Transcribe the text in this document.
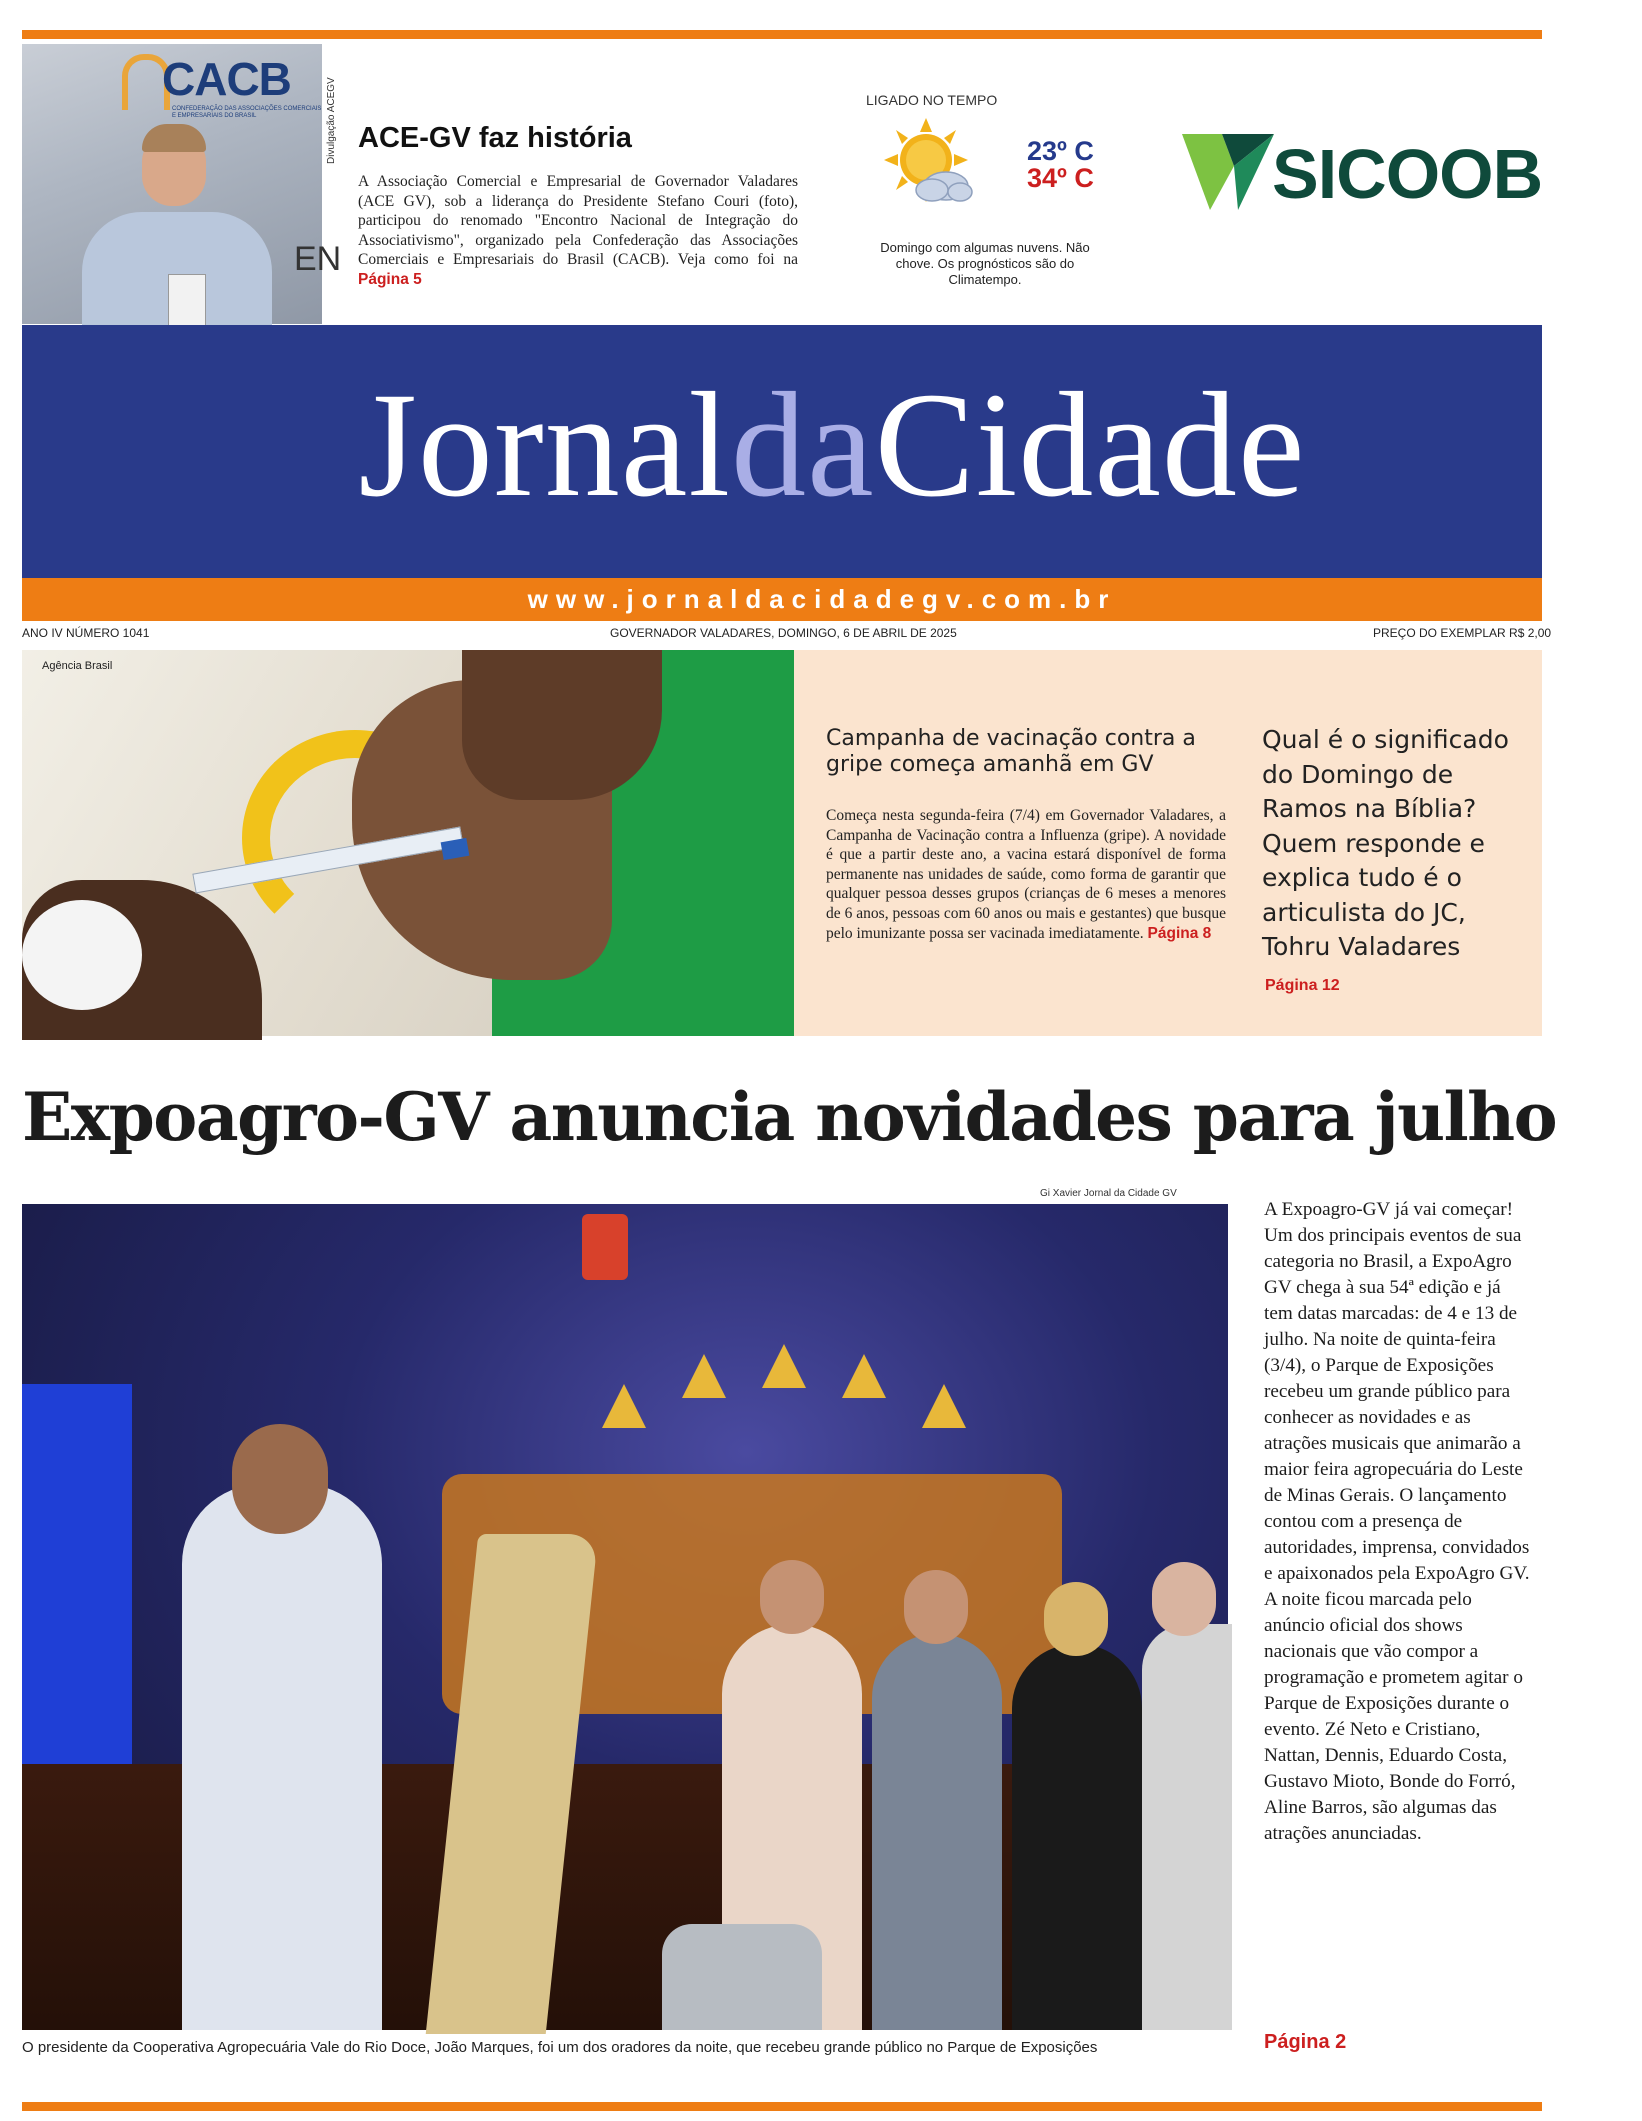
CACB
CONFEDERAÇÃO DAS ASSOCIAÇÕES COMERCIAIS E EMPRESARIAIS DO BRASIL
EN
Divulgação ACEGV ACE-GV faz história
A Associação Comercial e Empresarial de Governador Valadares (ACE GV), sob a liderança do Presidente Stefano Couri (foto), participou do renomado "Encontro Nacional de Integração do Associativismo", organizado pela Confederação das Associações Comerciais e Empresariais do Brasil (CACB). Veja como foi na Página 5
LIGADO NO TEMPO
23º C
34º C
Domingo com algumas nuvens. Não chove. Os prognósticos são do Climatempo.
SICOOB
JornaldaCidade
www.jornaldacidadegv.com.br
ANO IV NÚMERO 1041	GOVERNADOR VALADARES, DOMINGO, 6 DE ABRIL DE 2025	PREÇO DO EXEMPLAR R$ 2,00
Agência Brasil
Campanha de vacinação contra a gripe começa amanhã em GV
Começa nesta segunda-feira (7/4) em Governador Valadares, a Campanha de Vacinação contra a Influenza (gripe). A novidade é que a partir deste ano, a vacina estará disponível de forma permanente nas unidades de saúde, como forma de garantir que qualquer pessoa desses grupos (crianças de 6 meses a menores de 6 anos, pessoas com 60 anos ou mais e gestantes) que busque pelo imunizante possa ser vacinada imediatamente. Página 8
Qual é o significado do Domingo de Ramos na Bíblia? Quem responde e explica tudo é o articulista do JC, Tohru Valadares
Página 12
Expoagro-GV anuncia novidades para julho
Gi Xavier Jornal da Cidade GV
O presidente da Cooperativa Agropecuária Vale do Rio Doce, João Marques, foi um dos oradores da noite, que recebeu grande público no Parque de Exposições
A Expoagro-GV já vai começar! Um dos principais eventos de sua categoria no Brasil, a ExpoAgro GV chega à sua 54ª edição e já tem datas marcadas: de 4 e 13 de julho. Na noite de quinta-feira (3/4), o Parque de Exposições recebeu um grande público para conhecer as novidades e as atrações musicais que animarão a maior feira agropecuária do Leste de Minas Gerais. O lançamento contou com a presença de autoridades, imprensa, convidados e apaixonados pela ExpoAgro GV. A noite ficou marcada pelo anúncio oficial dos shows nacionais que vão compor a programação e prometem agitar o Parque de Exposições durante o evento. Zé Neto e Cristiano, Nattan, Dennis, Eduardo Costa, Gustavo Mioto, Bonde do Forró, Aline Barros, são algumas das atrações anunciadas.
Página 2
